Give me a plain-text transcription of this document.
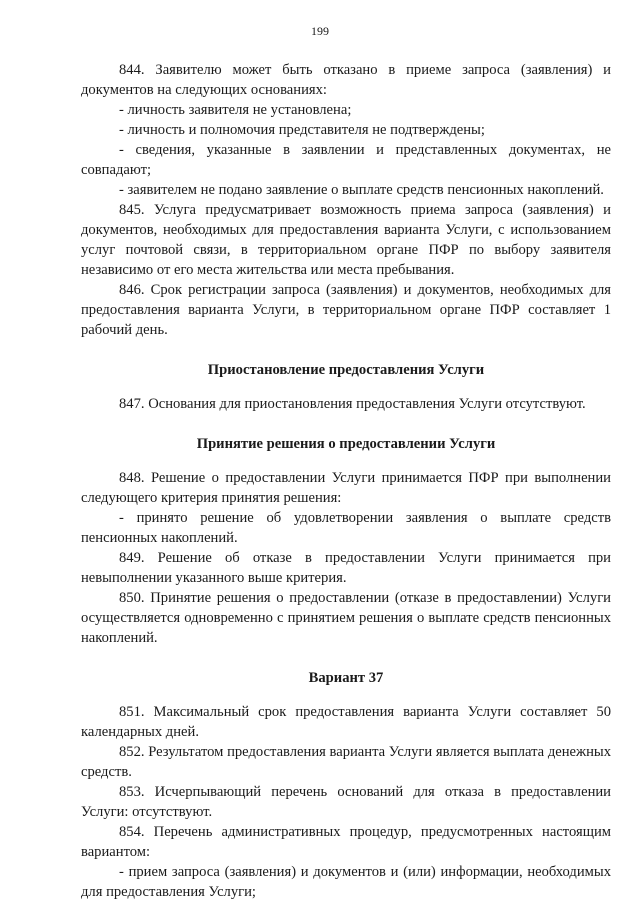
199

844. Заявителю может быть отказано в приеме запроса (заявления) и документов на следующих основаниях:

- личность заявителя не установлена;

- личность и полномочия представителя не подтверждены;

- сведения, указанные в заявлении и представленных документах, не совпадают;

- заявителем не подано заявление о выплате средств пенсионных накоплений.

845. Услуга предусматривает возможность приема запроса (заявления) и документов, необходимых для предоставления варианта Услуги, с использованием услуг почтовой связи, в территориальном органе ПФР по выбору заявителя независимо от его места жительства или места пребывания.

846. Срок регистрации запроса (заявления) и документов, необходимых для предоставления варианта Услуги, в территориальном органе ПФР составляет 1 рабочий день.

Приостановление предоставления Услуги

847. Основания для приостановления предоставления Услуги отсутствуют.

Принятие решения о предоставлении Услуги

848. Решение о предоставлении Услуги принимается ПФР при выполнении следующего критерия принятия решения:

- принято решение об удовлетворении заявления о выплате средств пенсионных накоплений.

849. Решение об отказе в предоставлении Услуги принимается при невыполнении указанного выше критерия.

850. Принятие решения о предоставлении (отказе в предоставлении) Услуги осуществляется одновременно с принятием решения о выплате средств пенсионных накоплений.

Вариант 37

851. Максимальный срок предоставления варианта Услуги составляет 50 календарных дней.

852. Результатом предоставления варианта Услуги является выплата денежных средств.

853. Исчерпывающий перечень оснований для отказа в предоставлении Услуги: отсутствуют.

854. Перечень административных процедур, предусмотренных настоящим вариантом:

- прием запроса (заявления) и документов и (или) информации, необходимых для предоставления Услуги;
